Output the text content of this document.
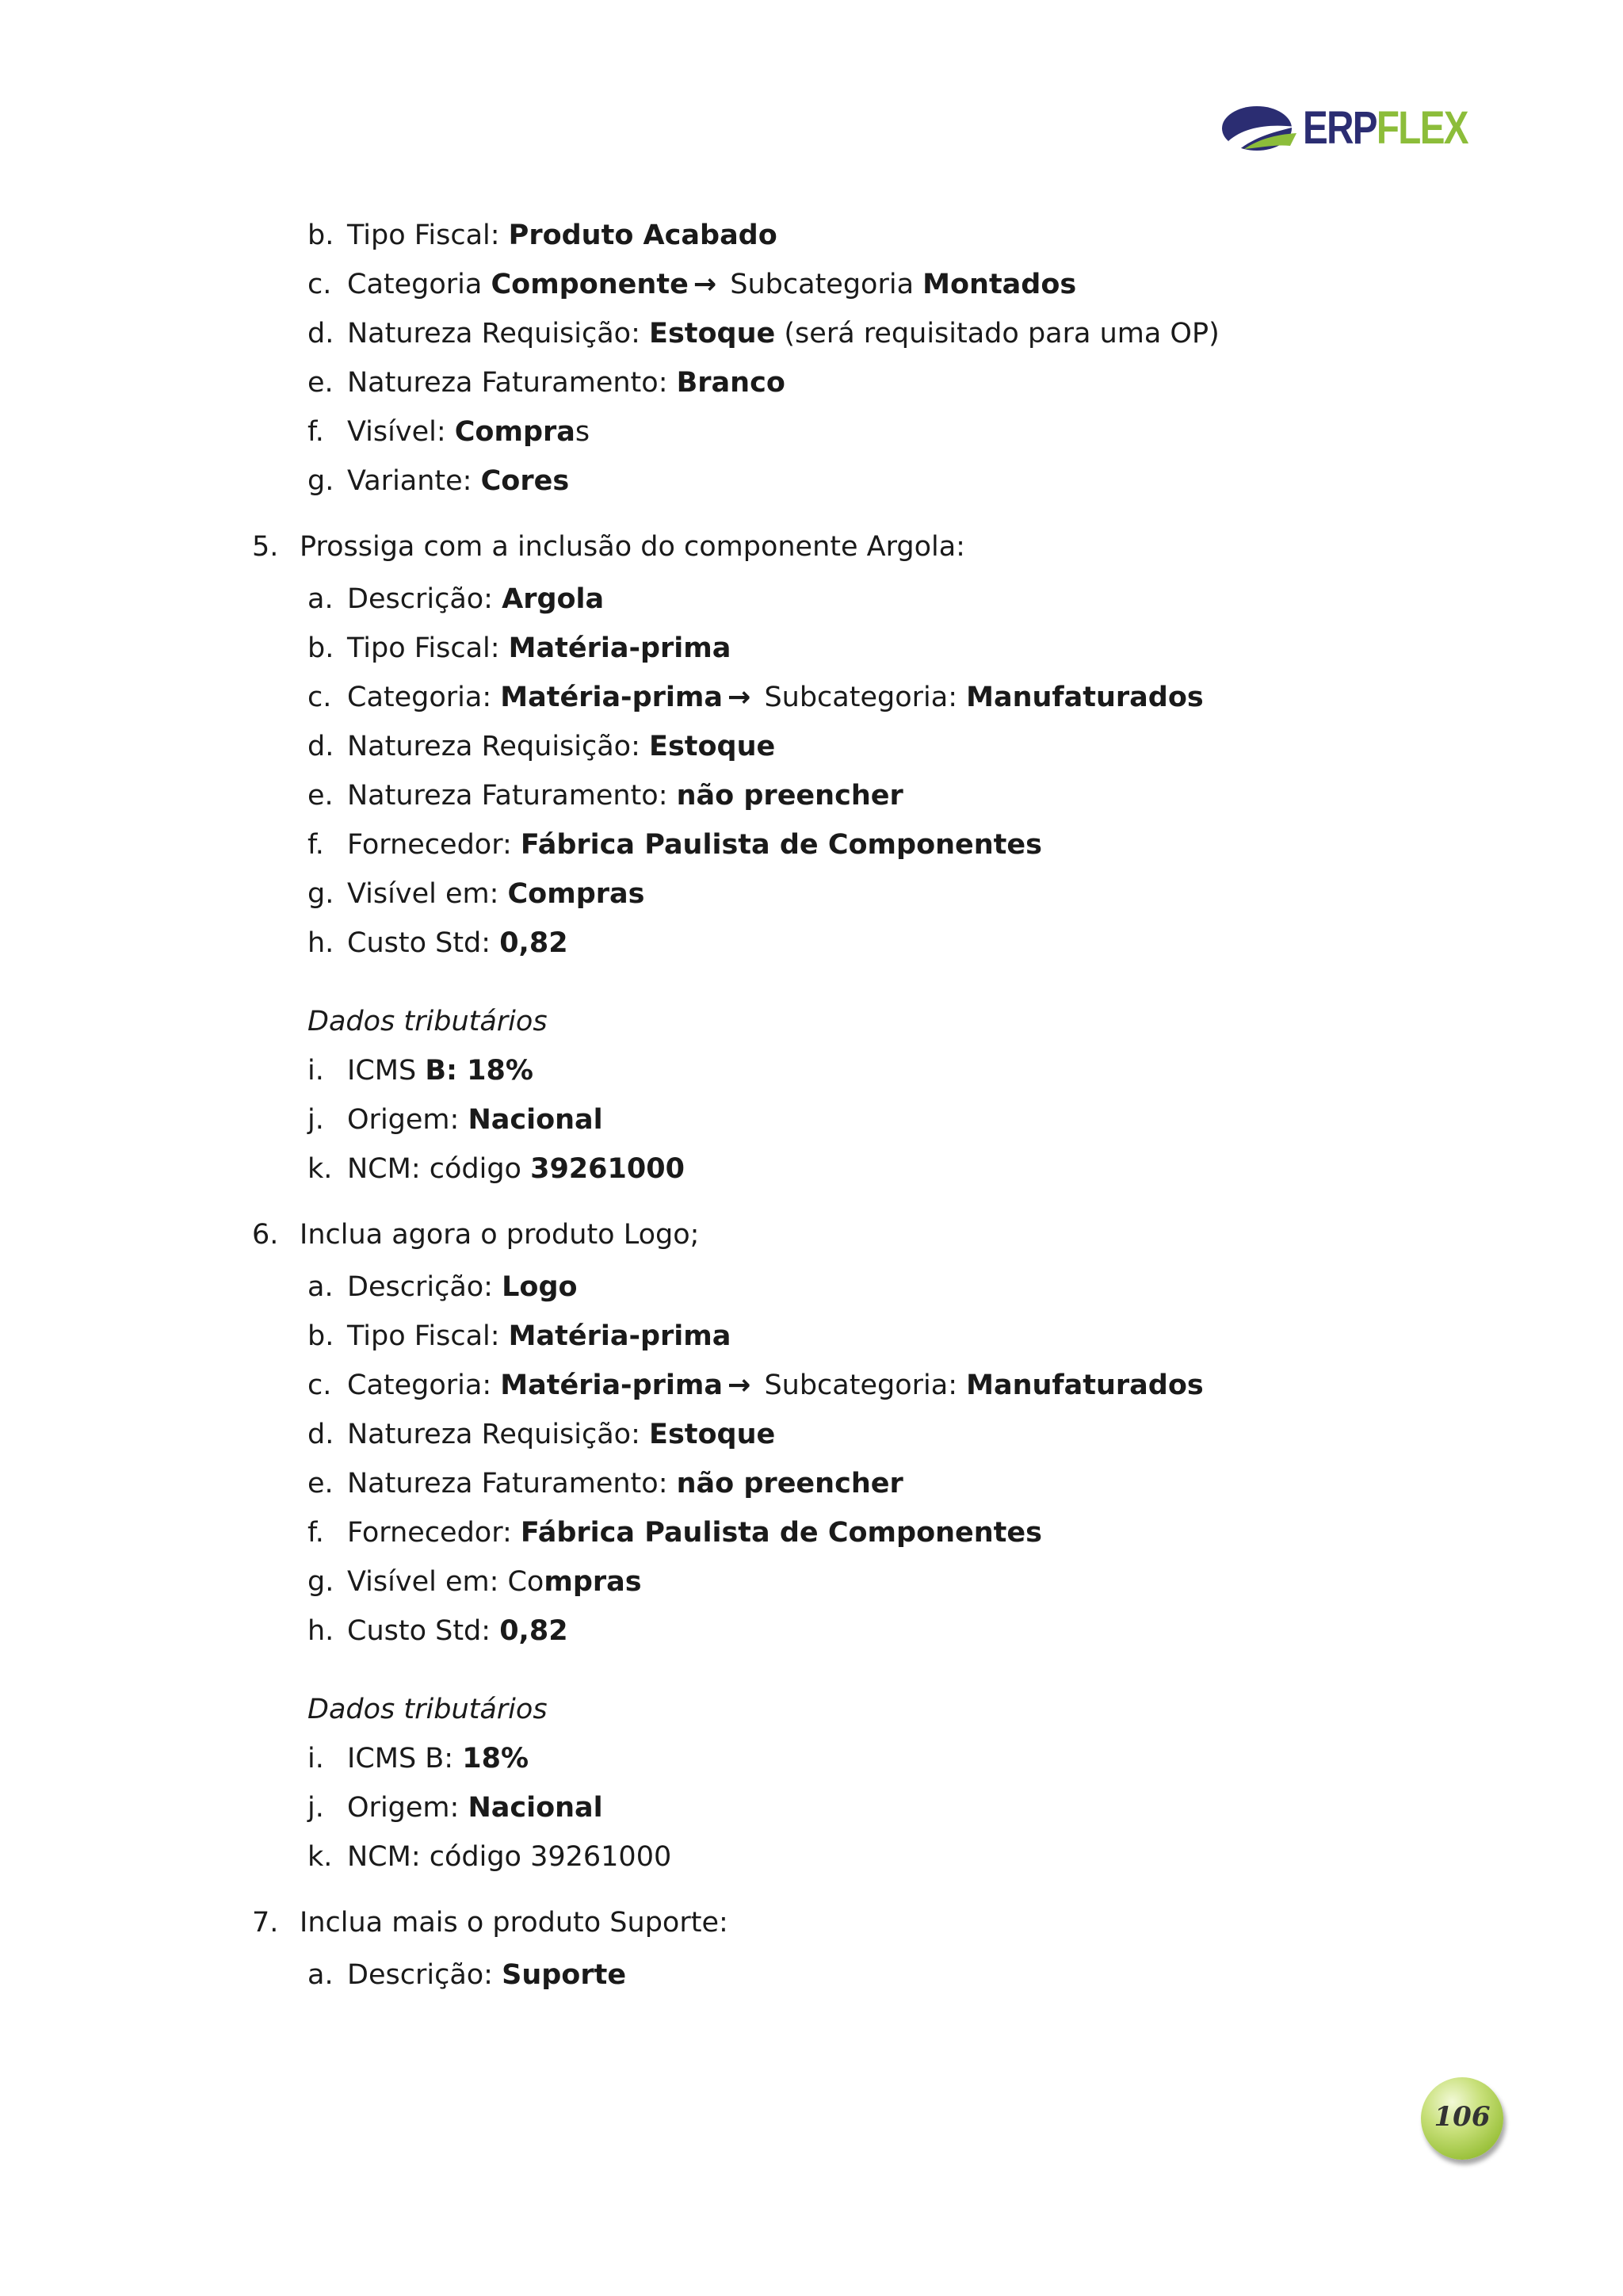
ERPFLEX
b. Tipo Fiscal: Produto Acabado
c. Categoria Componente → Subcategoria Montados
d. Natureza Requisição: Estoque (será requisitado para uma OP)
e. Natureza Faturamento: Branco
f. Visível: Compras
g. Variante: Cores
5. Prossiga com a inclusão do componente Argola:
a. Descrição: Argola
b. Tipo Fiscal: Matéria-prima
c. Categoria: Matéria-prima → Subcategoria: Manufaturados
d. Natureza Requisição: Estoque
e. Natureza Faturamento: não preencher
f. Fornecedor: Fábrica Paulista de Componentes
g. Visível em: Compras
h. Custo Std: 0,82
Dados tributários
i. ICMS B: 18%
j. Origem: Nacional
k. NCM: código 39261000
6. Inclua agora o produto Logo;
a. Descrição: Logo
b. Tipo Fiscal: Matéria-prima
c. Categoria: Matéria-prima → Subcategoria: Manufaturados
d. Natureza Requisição: Estoque
e. Natureza Faturamento: não preencher
f. Fornecedor: Fábrica Paulista de Componentes
g. Visível em: Compras
h. Custo Std: 0,82
Dados tributários
i. ICMS B: 18%
j. Origem: Nacional
k. NCM: código 39261000
7. Inclua mais o produto Suporte:
a. Descrição: Suporte
106
